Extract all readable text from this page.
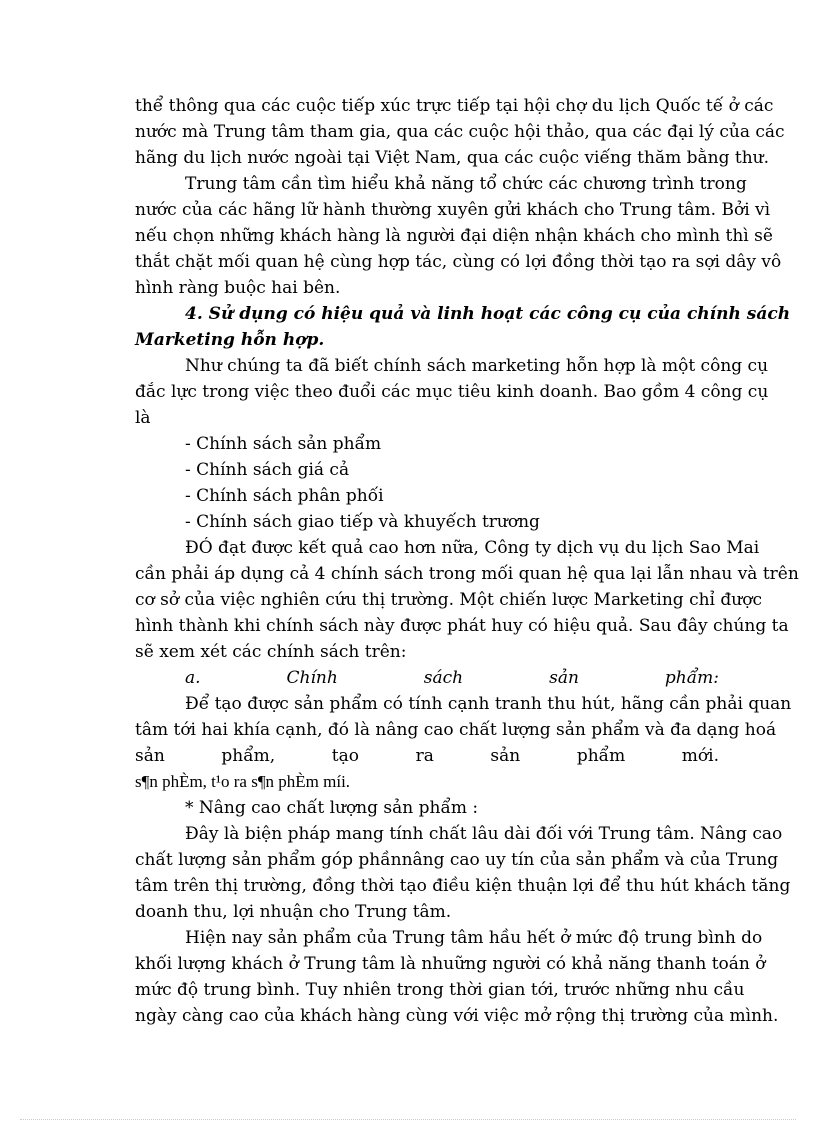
thể thông qua các cuộc tiếp xúc trực tiếp tại hội chợ du lịch Quốc tế ở các
nước mà Trung tâm tham gia, qua các cuộc hội thảo, qua các đại lý của các
hãng du lịch nước ngoài tại Việt Nam, qua các cuộc viếng thăm bằng thư.
Trung tâm cần tìm hiểu khả năng tổ chức các chương trình trong
nước của các hãng lữ hành thường xuyên gửi khách cho Trung tâm. Bởi vì
nếu chọn những khách hàng là người đại diện nhận khách cho mình thì sẽ
thắt chặt mối quan hệ cùng hợp tác, cùng có lợi đồng thời tạo ra sợi dây vô
hình ràng buộc hai bên.
4. Sử dụng có hiệu quả và linh hoạt các công cụ của chính sách
Marketing hỗn hợp.
Như chúng ta đã biết chính sách marketing hỗn hợp là một công cụ
đắc lực trong việc theo đuổi các mục tiêu kinh doanh. Bao gồm 4 công cụ
là
- Chính sách sản phẩm
- Chính sách giá cả
- Chính sách phân phối
- Chính sách giao tiếp và khuyếch trương
ĐÓ đạt được kết quả cao hơn nữa, Công ty dịch vụ du lịch Sao Mai
cần phải áp dụng cả 4 chính sách trong mối quan hệ qua lại lẫn nhau và trên
cơ sở của việc nghiên cứu thị trường. Một chiến lược Marketing chỉ được
hình thành khi chính sách này được phát huy có hiệu quả. Sau đây chúng ta
sẽ xem xét các chính sách trên:
a. Chính sách sản phẩm:
Để tạo được sản phẩm có tính cạnh tranh thu hút, hãng cần phải quan
tâm tới hai khía cạnh, đó là nâng cao chất lượng sản phẩm và đa dạng hoá
sản phẩm, tạo ra sản phẩm mới.
s¶n phÈm, t¹o ra s¶n phÈm míi.
* Nâng cao chất lượng sản phẩm :
Đây là biện pháp mang tính chất lâu dài đối với Trung tâm. Nâng cao
chất lượng sản phẩm góp phầnnâng cao uy tín của sản phẩm và của Trung
tâm trên thị trường, đồng thời tạo điều kiện thuận lợi để thu hút khách tăng
doanh thu, lợi nhuận cho Trung tâm.
Hiện nay sản phẩm của Trung tâm hầu hết ở mức độ trung bình do
khối lượng khách ở Trung tâm là nhuững người có khả năng thanh toán ở
mức độ trung bình. Tuy nhiên trong thời gian tới, trước những nhu cầu
ngày càng cao của khách hàng cùng với việc mở rộng thị trường của mình.
